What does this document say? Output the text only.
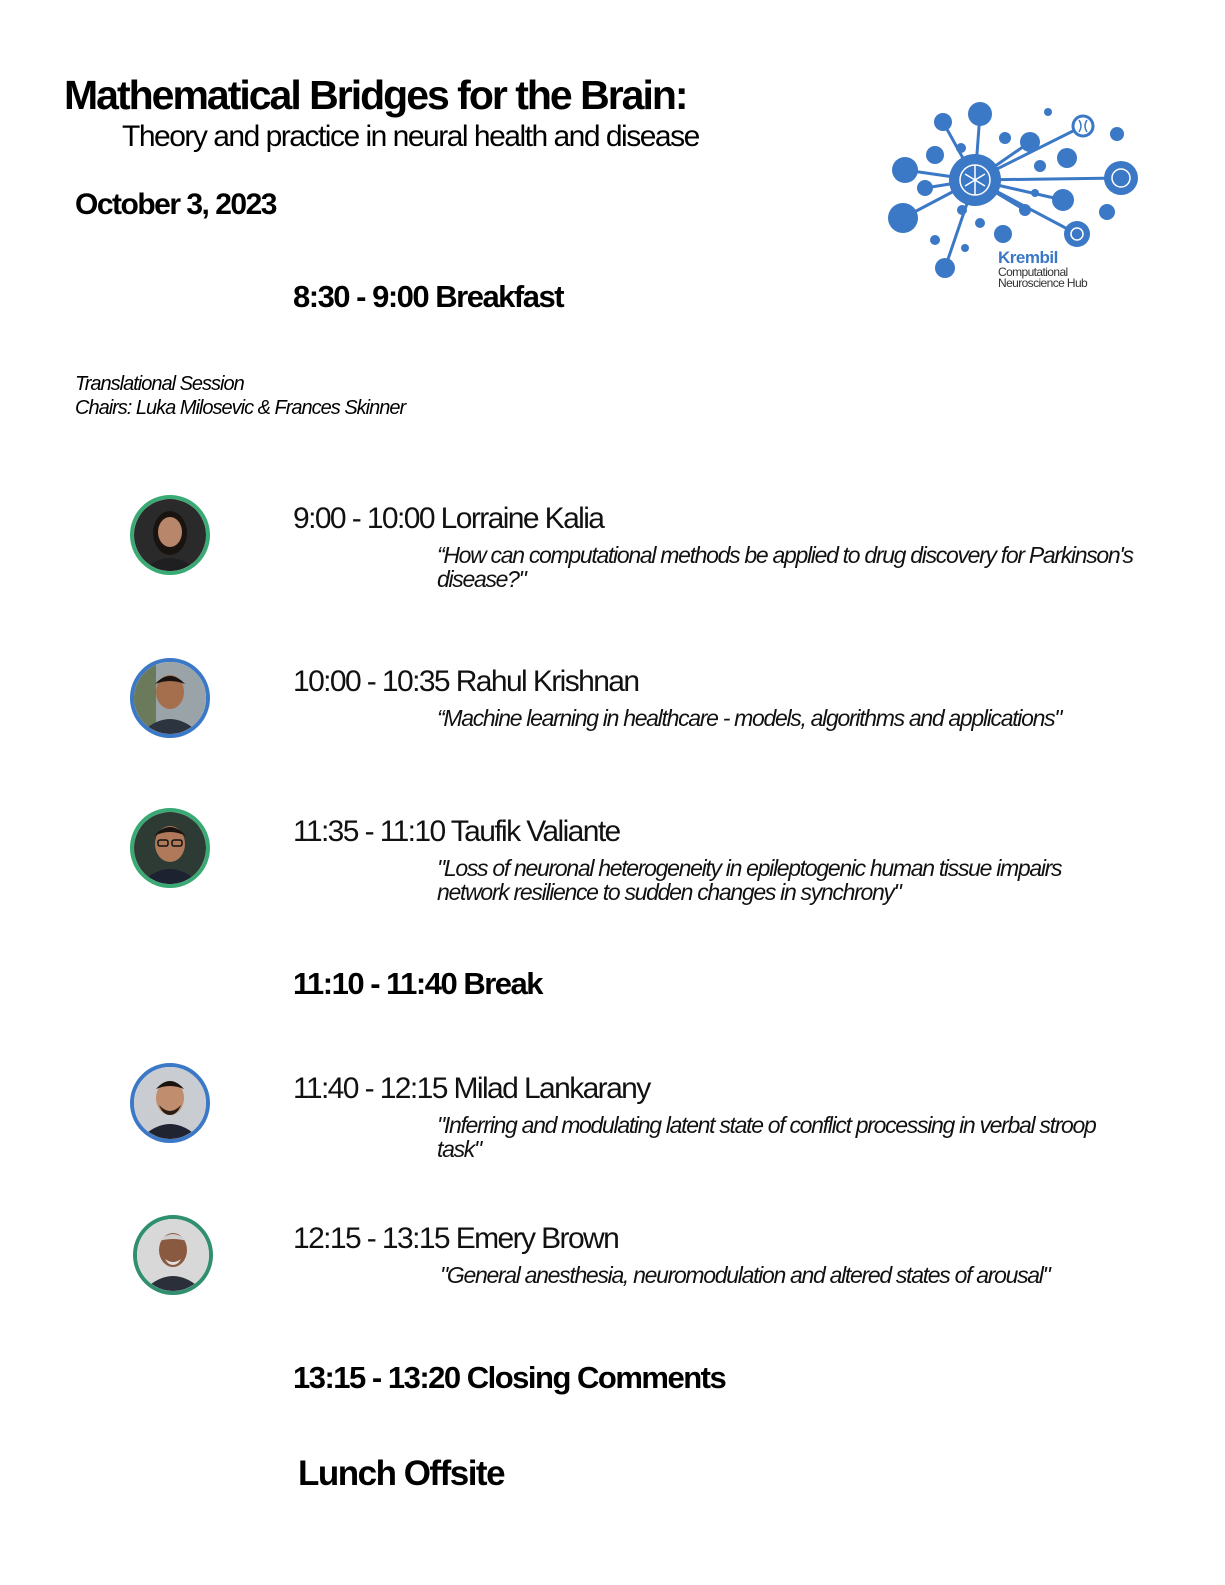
Mathematical Bridges for the Brain:
Theory and practice in neural health and disease
October 3, 2023
Krembil
Computational
Neuroscience Hub
8:30 - 9:00 Breakfast
Translational Session
Chairs: Luka Milosevic & Frances Skinner
9:00 - 10:00 Lorraine Kalia
“How can computational methods be applied to drug discovery for Parkinson's disease?"
10:00 - 10:35 Rahul Krishnan
“Machine learning in healthcare - models, algorithms and applications"
11:35 - 11:10 Taufik Valiante
"Loss of neuronal heterogeneity in epileptogenic human tissue impairs network resilience to sudden changes in synchrony"
11:10 - 11:40 Break
11:40 - 12:15 Milad Lankarany
"Inferring and modulating latent state of conflict processing in verbal stroop task"
12:15 - 13:15 Emery Brown
"General anesthesia, neuromodulation and altered states of arousal"
13:15 - 13:20 Closing Comments
Lunch Offsite
